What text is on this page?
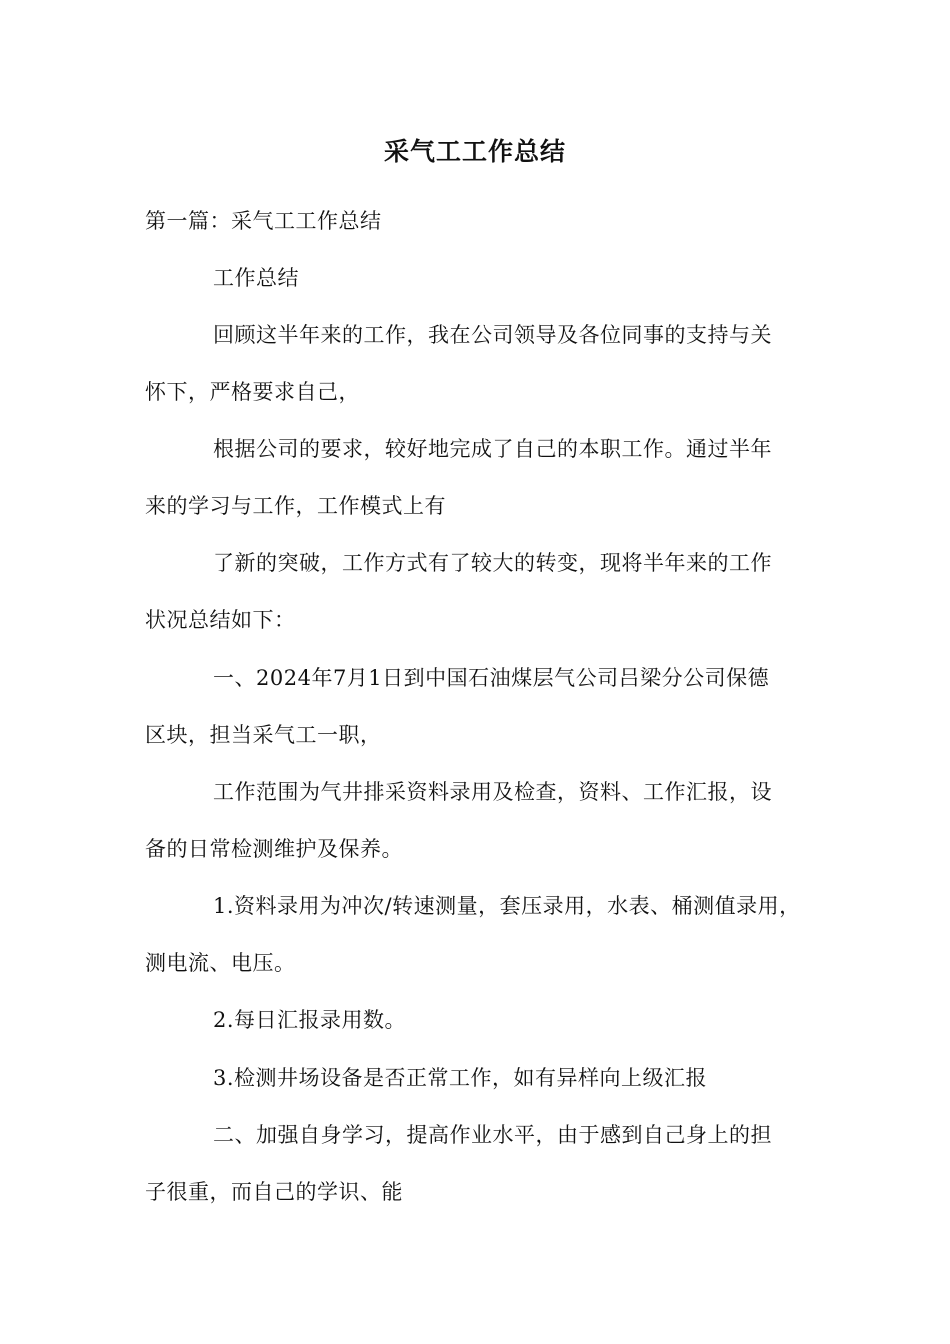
采气工工作总结
第一篇：采气工工作总结
工作总结
回顾这半年来的工作，我在公司领导及各位同事的支持与关
怀下，严格要求自己，
根据公司的要求，较好地完成了自己的本职工作。通过半年
来的学习与工作，工作模式上有
了新的突破，工作方式有了较大的转变，现将半年来的工作
状况总结如下：
一、2024年7月1日到中国石油煤层气公司吕梁分公司保德
区块，担当采气工一职，
工作范围为气井排采资料录用及检查，资料、工作汇报，设
备的日常检测维护及保养。
1.资料录用为冲次/转速测量，套压录用，水表、桶测值录用，
测电流、电压。
2.每日汇报录用数。
3.检测井场设备是否正常工作，如有异样向上级汇报
二、加强自身学习，提高作业水平，由于感到自己身上的担
子很重，而自己的学识、能
